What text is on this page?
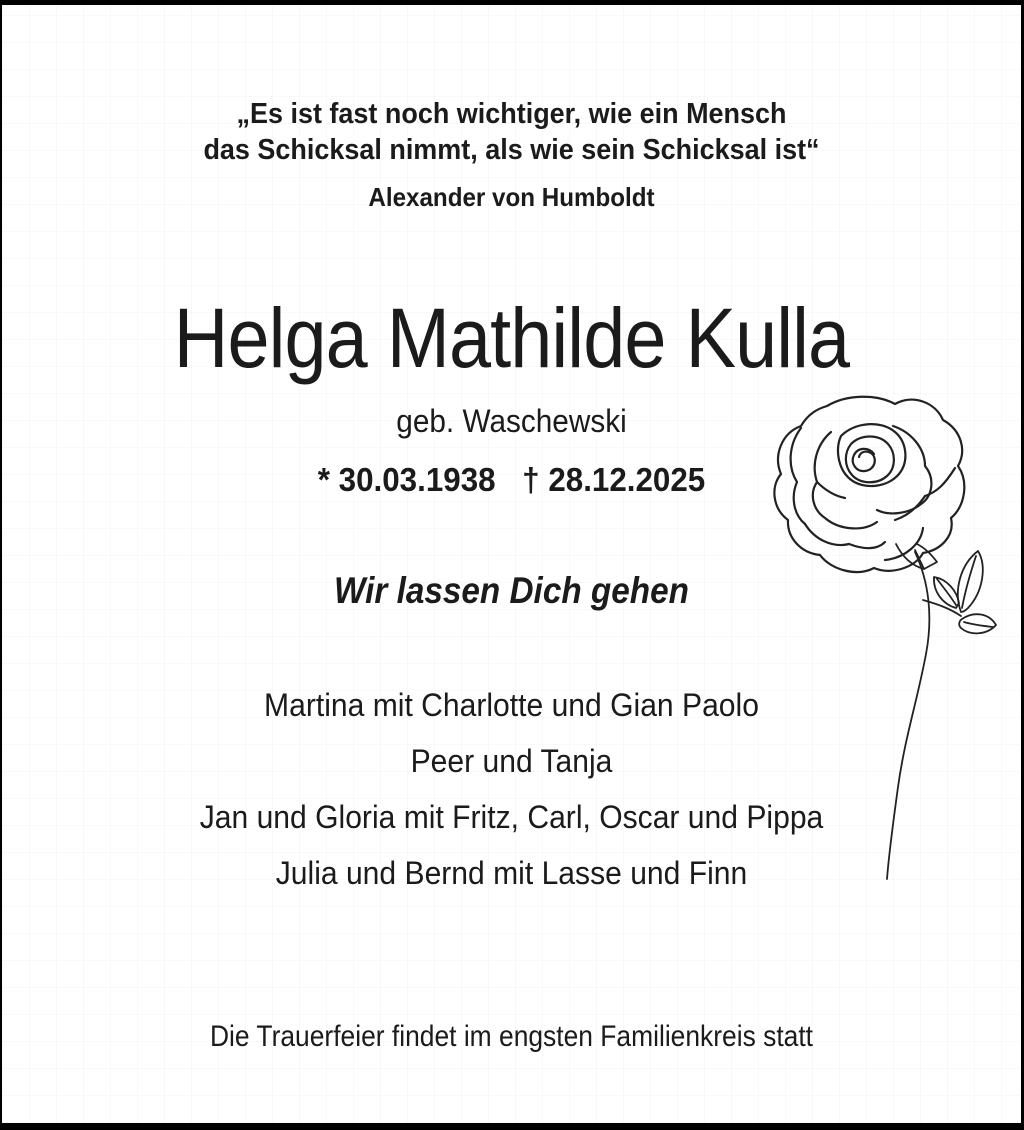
„Es ist fast noch wichtiger, wie ein Mensch
das Schicksal nimmt, als wie sein Schicksal ist“
Alexander von Humboldt
Helga Mathilde Kulla
geb. Waschewski
* 30.03.1938 † 28.12.2025
Wir lassen Dich gehen
Martina mit Charlotte und Gian Paolo
Peer und Tanja
Jan und Gloria mit Fritz, Carl, Oscar und Pippa
Julia und Bernd mit Lasse und Finn
Die Trauerfeier findet im engsten Familienkreis statt
